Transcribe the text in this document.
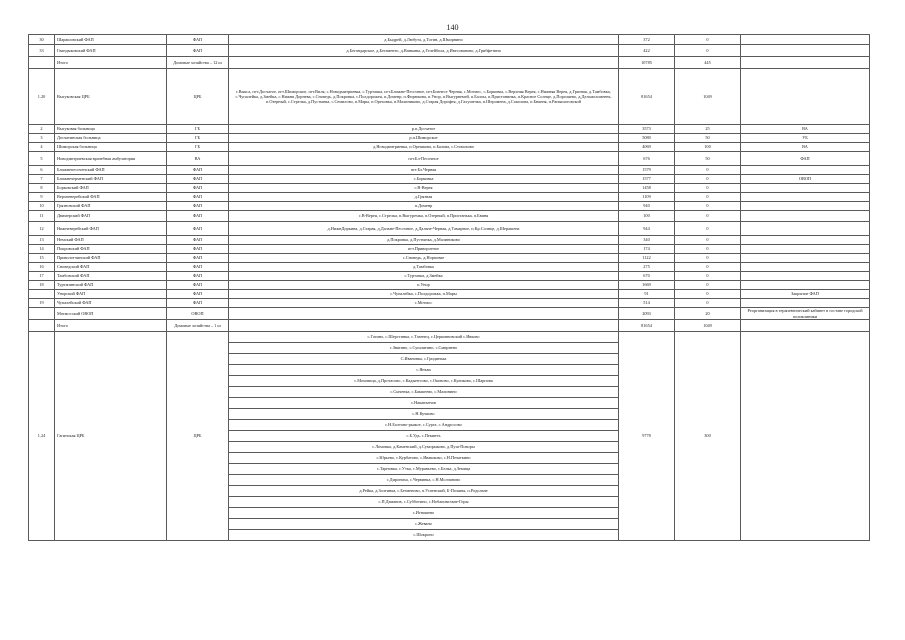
140
30	Шарашовский ФАП	ФАП	д.Быдрей, д.Любута, д.Тогин, д.Шморвино	372	0	
33	Гвандыковский ФАП	ФАП	д.Бегандарское, д.Бегаменто, д.Ванканы, д.Гелейбола, д.Ивесованово, д.Грибфетина	422	0	
	Итого	Домовые хозяйства – 12 ш		10785	445	
1.20	Выгуковская ЦРБ	ЦРБ	г.Выкса, пгт.Досчатое, пгт.Шиморское, пгт.Виля, с.Новодмитриевка, с.Туртапка, пгт.Ближне-Песочное, пгт.Бизнесе Черная, с.Мотмос, с.Борковка, с.Верхняя Верея, с.Нижняя Верея, д.Грязная, д.Тамбовка, с.Чупалейка, д.Змейка, с.Нижня Дорнева, с.Сноведь, д.Покровка, с.Полдорожея, п.Доменр, п.Фирюкова, п.Унор, п.Выгурвемей, п.Балоы, п.Пристанинка, п.Красное Солнце, д.Пороляево, д.Дельмоломенек, п.Озерный, с.Стрелка, д.Пустынка, с.Семилово, п.Мары, п.Ореховка, п.Малиниково, д.Старая Дорофея, д.Галушечка, п.Шеромена, д.Соколова, п.Бнкеня, п.Рапышоговской	81654	1049	
2	Выгуковая больница	ГБ	р.п.Досчатое	3573	25	ВА
3	Досчатинская больница	ГБ	р.п.Шиморское	5080	50	УБ
4	Шиморская больница	ГБ	д.Новодмитриевка, п.Орешкова, п.Балова, с.Стомохово	4069	100	ВА
5	Новодмитриевская врачебная амбулатория	ВА	пгт.Бл-Песочное	676	50	ФАП
6	Ближнепесоченский ФАП	ФАП	пгт.Бл.Черная	1579	0	
7	Ближнечерменский ФАП	ФАП	с.Борковка	1577	0	ОВОП
8	Борковский ФАП	ФАП	с.В-Верея	1458	0	
9	Верхневерейский ФАП	ФАП	д.Грязная	1109	0	
10	Грязновский ФАП	ФАП	п.Доменр	940	0	
11	Двимерский ФАП	ФАП	с.В-Верея, с.Стрелка, п.Выгуремка, п.Озерный, п.Пристанька, п.Бвиня	100	0	
12	Нижневерейский ФАП	ФАП	д.НижнДоркина, д.Старая, д.Дальне-Песочное, д.Дальне-Черная, д.Тамарное, п.Кр.Солнце, д.Шерашена	944	0	
13	Немский ФАП	ФАП	д.Покровка, д.Пустынка, д.Малиниково	340	0	
14	Покровский ФАП	ФАП	пгт.Приворотное	174	0	
15	Приволотчинский ФАП	ФАП	с.Сноведь, д.Норповке	1122	0	
16	Сноведский ФАП	ФАП	д.Тамбовка	275	0	
17	Тамбовский ФАП	ФАП	с.Туртапка, д.Змейка	670	0	
18	Туртапинский ФАП	ФАП	п.Унор	1669	0	
	Унорский ФАП	ФАП	с.Чупалейка, с.Полдорожка, п.Мары	91	0	Закрытие ФАП
19	Чупалейский ФАП	ФАП	с.Мотмос	514	0	
	Мотмосский ОВОП	ОВОП		2093	20	Реорганизация в терапевтический кабинет в составе городской поликлиники
	Итого	Домовые хозяйства – 1 ш		81654	1049	
1.24	Гагинская ЦРБ	ЦРБ	с.Гагино, с.Шерстинка, с.Тазенец, с.Церковновский с.Ивково	9778	300	
			с.Звягино, с.Сушлятино, с.Смирнено			
			С.Ивановка, с.Гридинька			
			с.Янъва			
			с.Моховица, д.Протасово, с.Кадынтсово, с.Оконово, с.Куликово, с.Шарпова			
			с.Сыченка, с.Бакшеево, с.Малинино			
			с.Накапъенов			
			с.Н.Кучково			
			с.Н.Болтово-рыжое, с.Сурга, с.Андросово			
			с.Б.Удь, с.Пекинтъ			
			с.Ломовка, д.Каменский, д.Суморыково, д.Пуш-Поворы			
			с.Юрьево, с.Курбатово, с.Ивашково, с.Н.Печаткино			
			с.Тарновка, с.Утка, с.Муравьево, с.Белка, д.Земица			
			с.Дирониха, с.Червинка, с.Н.Молчаново			
			д.Рейка, д.Золтинка, с.Безменово, п.Успенский, Б-Поляны, п.Родольне			
			с.П.Даманов, с.Субботино, с.Нобаповельне-Горы			
			с.Игнашево			
			с.Жевано			
			с.Шокроно			
